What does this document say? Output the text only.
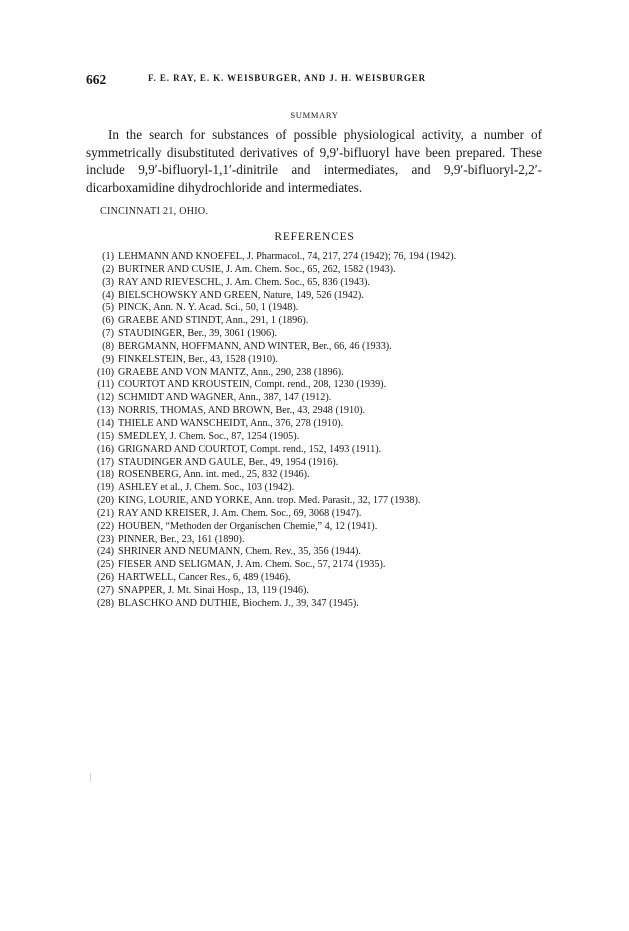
662	F. E. RAY, E. K. WEISBURGER, AND J. H. WEISBURGER
SUMMARY
In the search for substances of possible physiological activity, a number of symmetrically disubstituted derivatives of 9,9′-bifluoryl have been prepared. These include 9,9′-bifluoryl-1,1′-dinitrile and intermediates, and 9,9′-bifluoryl-2,2′-dicarboxamidine dihydrochloride and intermediates.
CINCINNATI 21, OHIO.
REFERENCES
(1) LEHMANN AND KNOEFEL, J. Pharmacol., 74, 217, 274 (1942); 76, 194 (1942).
(2) BURTNER AND CUSIE, J. Am. Chem. Soc., 65, 262, 1582 (1943).
(3) RAY AND RIEVESCHL, J. Am. Chem. Soc., 65, 836 (1943).
(4) BIELSCHOWSKY AND GREEN, Nature, 149, 526 (1942).
(5) PINCK, Ann. N. Y. Acad. Sci., 50, 1 (1948).
(6) GRAEBE AND STINDT, Ann., 291, 1 (1896).
(7) STAUDINGER, Ber., 39, 3061 (1906).
(8) BERGMANN, HOFFMANN, AND WINTER, Ber., 66, 46 (1933).
(9) FINKELSTEIN, Ber., 43, 1528 (1910).
(10) GRAEBE AND VON MANTZ, Ann., 290, 238 (1896).
(11) COURTOT AND KROUSTEIN, Compt. rend., 208, 1230 (1939).
(12) SCHMIDT AND WAGNER, Ann., 387, 147 (1912).
(13) NORRIS, THOMAS, AND BROWN, Ber., 43, 2948 (1910).
(14) THIELE AND WANSCHEIDT, Ann., 376, 278 (1910).
(15) SMEDLEY, J. Chem. Soc., 87, 1254 (1905).
(16) GRIGNARD AND COURTOT, Compt. rend., 152, 1493 (1911).
(17) STAUDINGER AND GAULE, Ber., 49, 1954 (1916).
(18) ROSENBERG, Ann. int. med., 25, 832 (1946).
(19) ASHLEY et al., J. Chem. Soc., 103 (1942).
(20) KING, LOURIE, AND YORKE, Ann. trop. Med. Parasit., 32, 177 (1938).
(21) RAY AND KREISER, J. Am. Chem. Soc., 69, 3068 (1947).
(22) HOUBEN, “Methoden der Organischen Chemie,” 4, 12 (1941).
(23) PINNER, Ber., 23, 161 (1890).
(24) SHRINER AND NEUMANN, Chem. Rev., 35, 356 (1944).
(25) FIESER AND SELIGMAN, J. Am. Chem. Soc., 57, 2174 (1935).
(26) HARTWELL, Cancer Res., 6, 489 (1946).
(27) SNAPPER, J. Mt. Sinai Hosp., 13, 119 (1946).
(28) BLASCHKO AND DUTHIE, Biochem. J., 39, 347 (1945).
